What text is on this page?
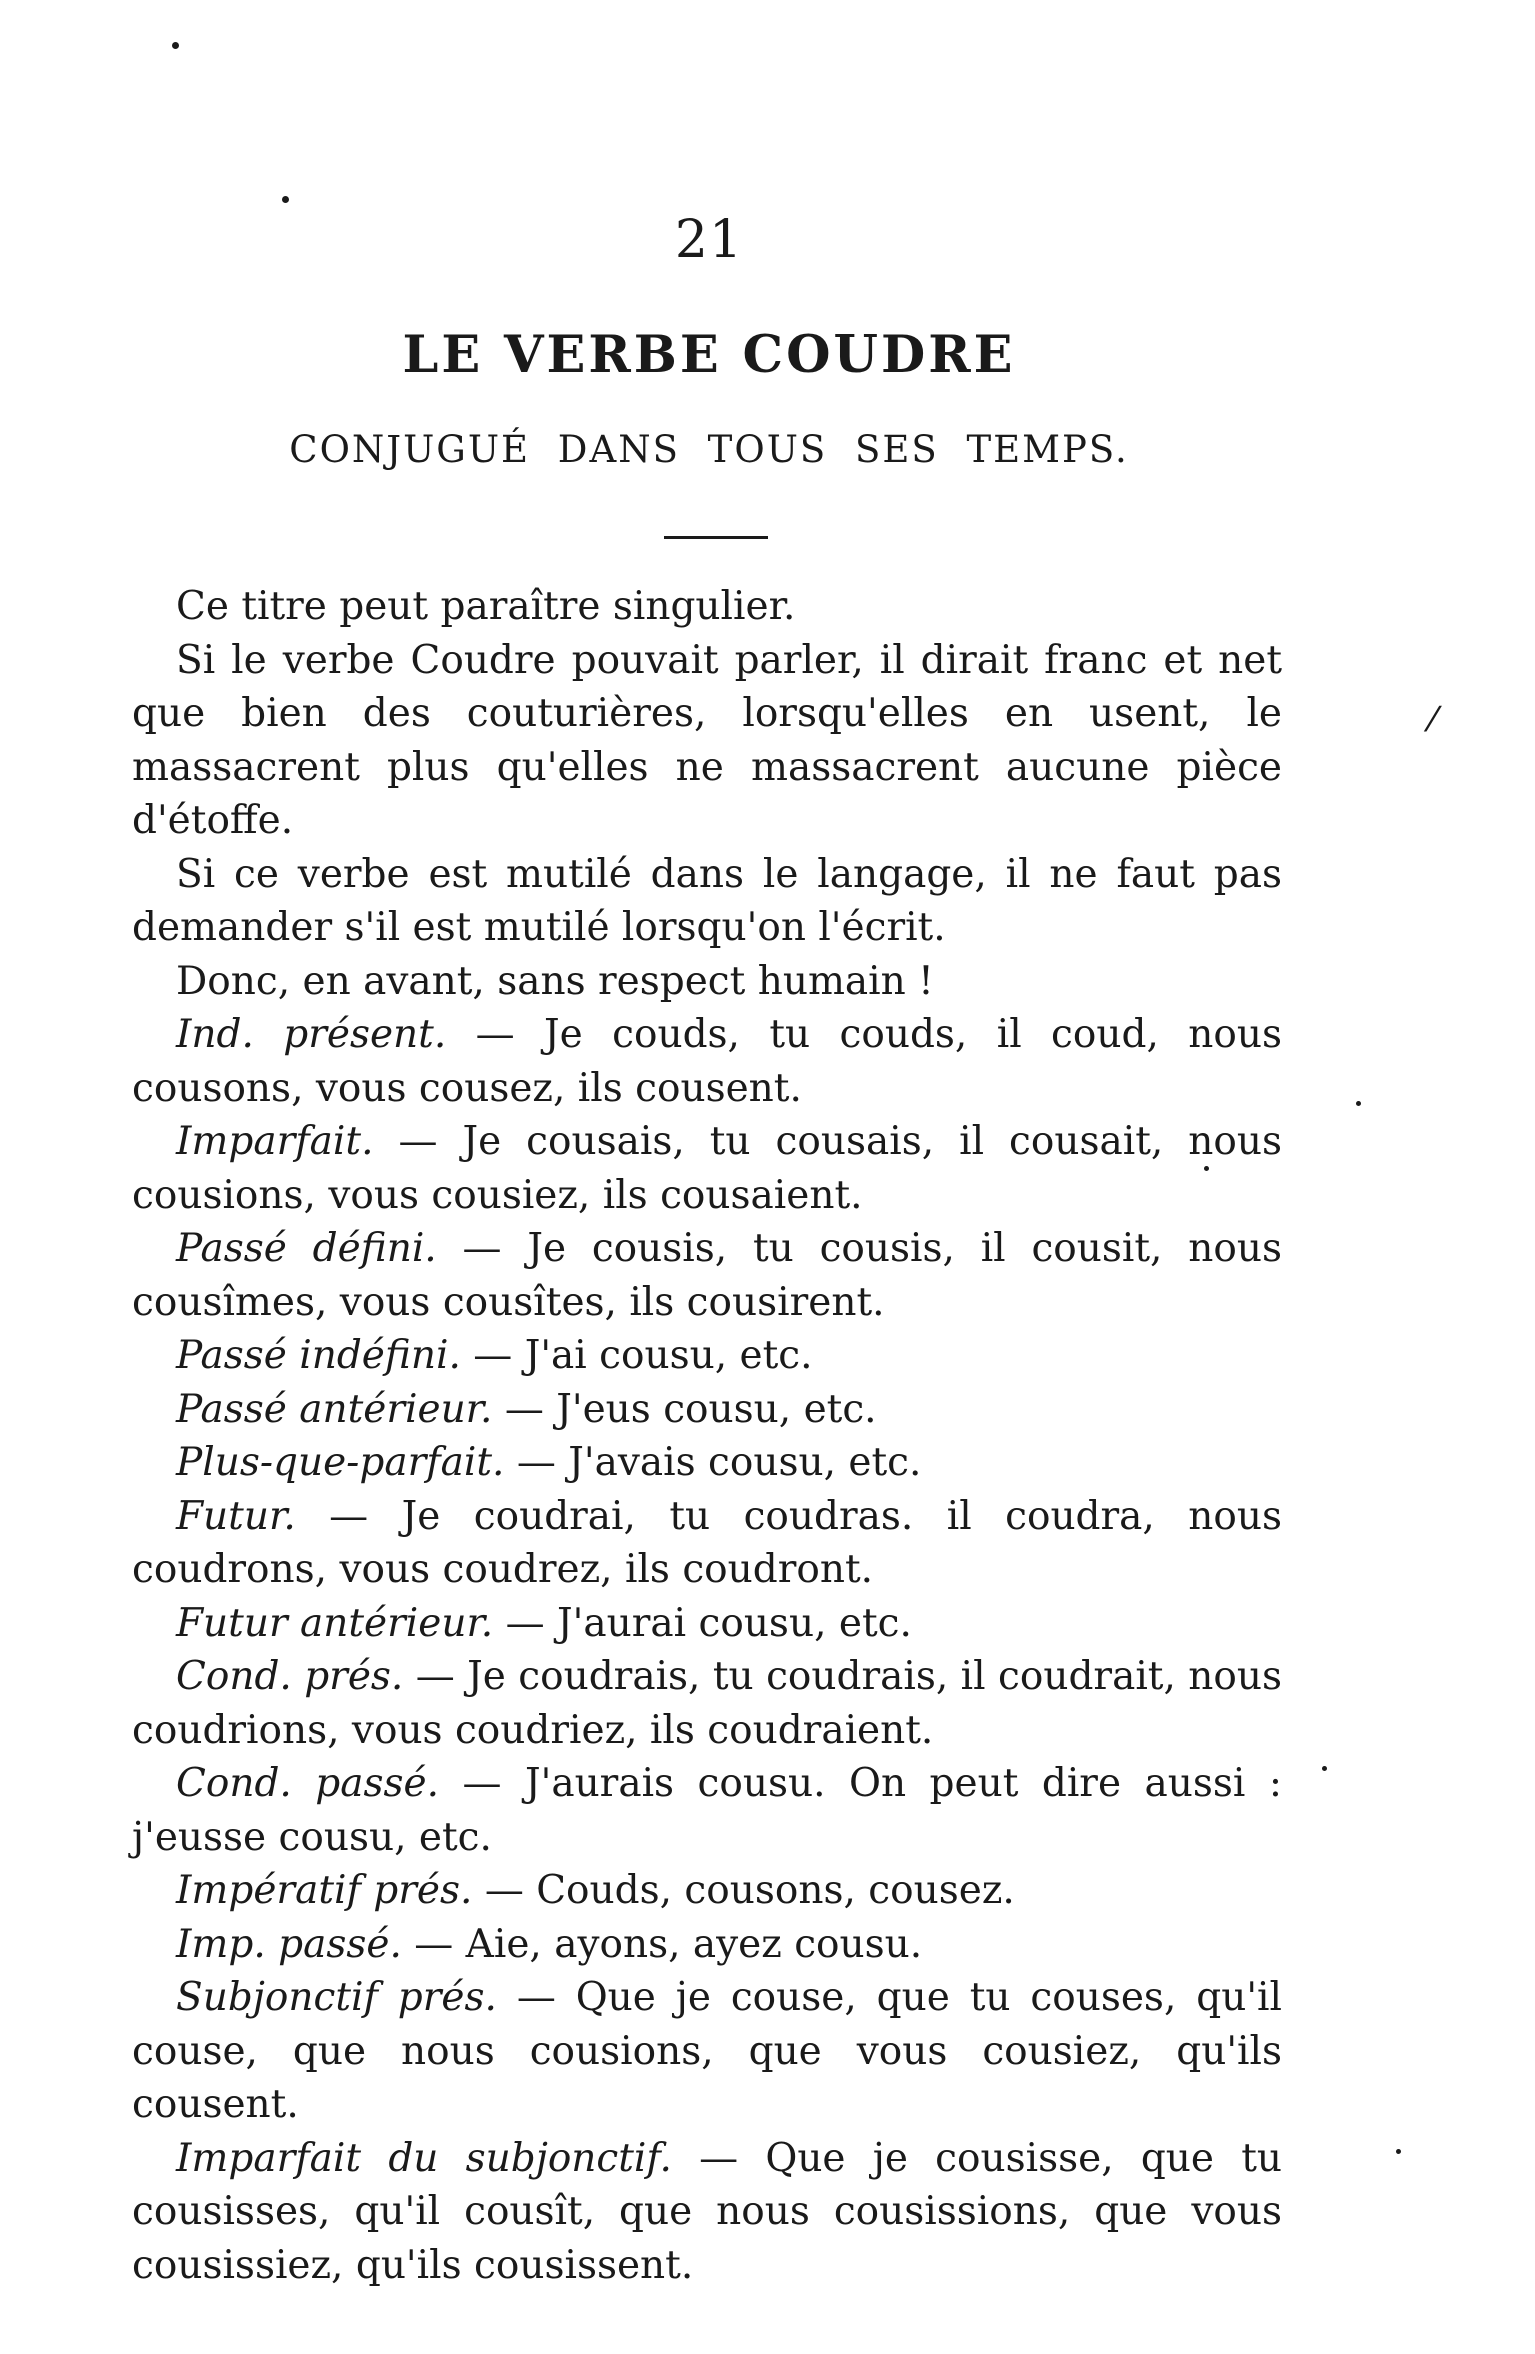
21
LE VERBE COUDRE
CONJUGUÉ DANS TOUS SES TEMPS.

Ce titre peut paraître singulier.

Si le verbe Coudre pouvait parler, il dirait franc et net que bien des couturières, lorsqu'elles en usent, le massacrent plus qu'elles ne massacrent aucune pièce d'étoffe.

Si ce verbe est mutilé dans le langage, il ne faut pas demander s'il est mutilé lorsqu'on l'écrit.

Donc, en avant, sans respect humain !

Ind. présent. — Je couds, tu couds, il coud, nous cousons, vous cousez, ils cousent.

Imparfait. — Je cousais, tu cousais, il cousait, nous cousions, vous cousiez, ils cousaient.

Passé défini. — Je cousis, tu cousis, il cousit, nous cousîmes, vous cousîtes, ils cousirent.

Passé indéfini. — J'ai cousu, etc.

Passé antérieur. — J'eus cousu, etc.

Plus-que-parfait. — J'avais cousu, etc.

Futur. — Je coudrai, tu coudras. il coudra, nous coudrons, vous coudrez, ils coudront.

Futur antérieur. — J'aurai cousu, etc.

Cond. prés. — Je coudrais, tu coudrais, il coudrait, nous coudrions, vous coudriez, ils coudraient.

Cond. passé. — J'aurais cousu. On peut dire aussi : j'eusse cousu, etc.

Impératif prés. — Couds, cousons, cousez.

Imp. passé. — Aie, ayons, ayez cousu.

Subjonctif prés. — Que je couse, que tu couses, qu'il couse, que nous cousions, que vous cousiez, qu'ils cousent.

Imparfait du subjonctif. — Que je cousisse, que tu cousisses, qu'il cousît, que nous cousissions, que vous cousissiez, qu'ils cousissent.

⁄
